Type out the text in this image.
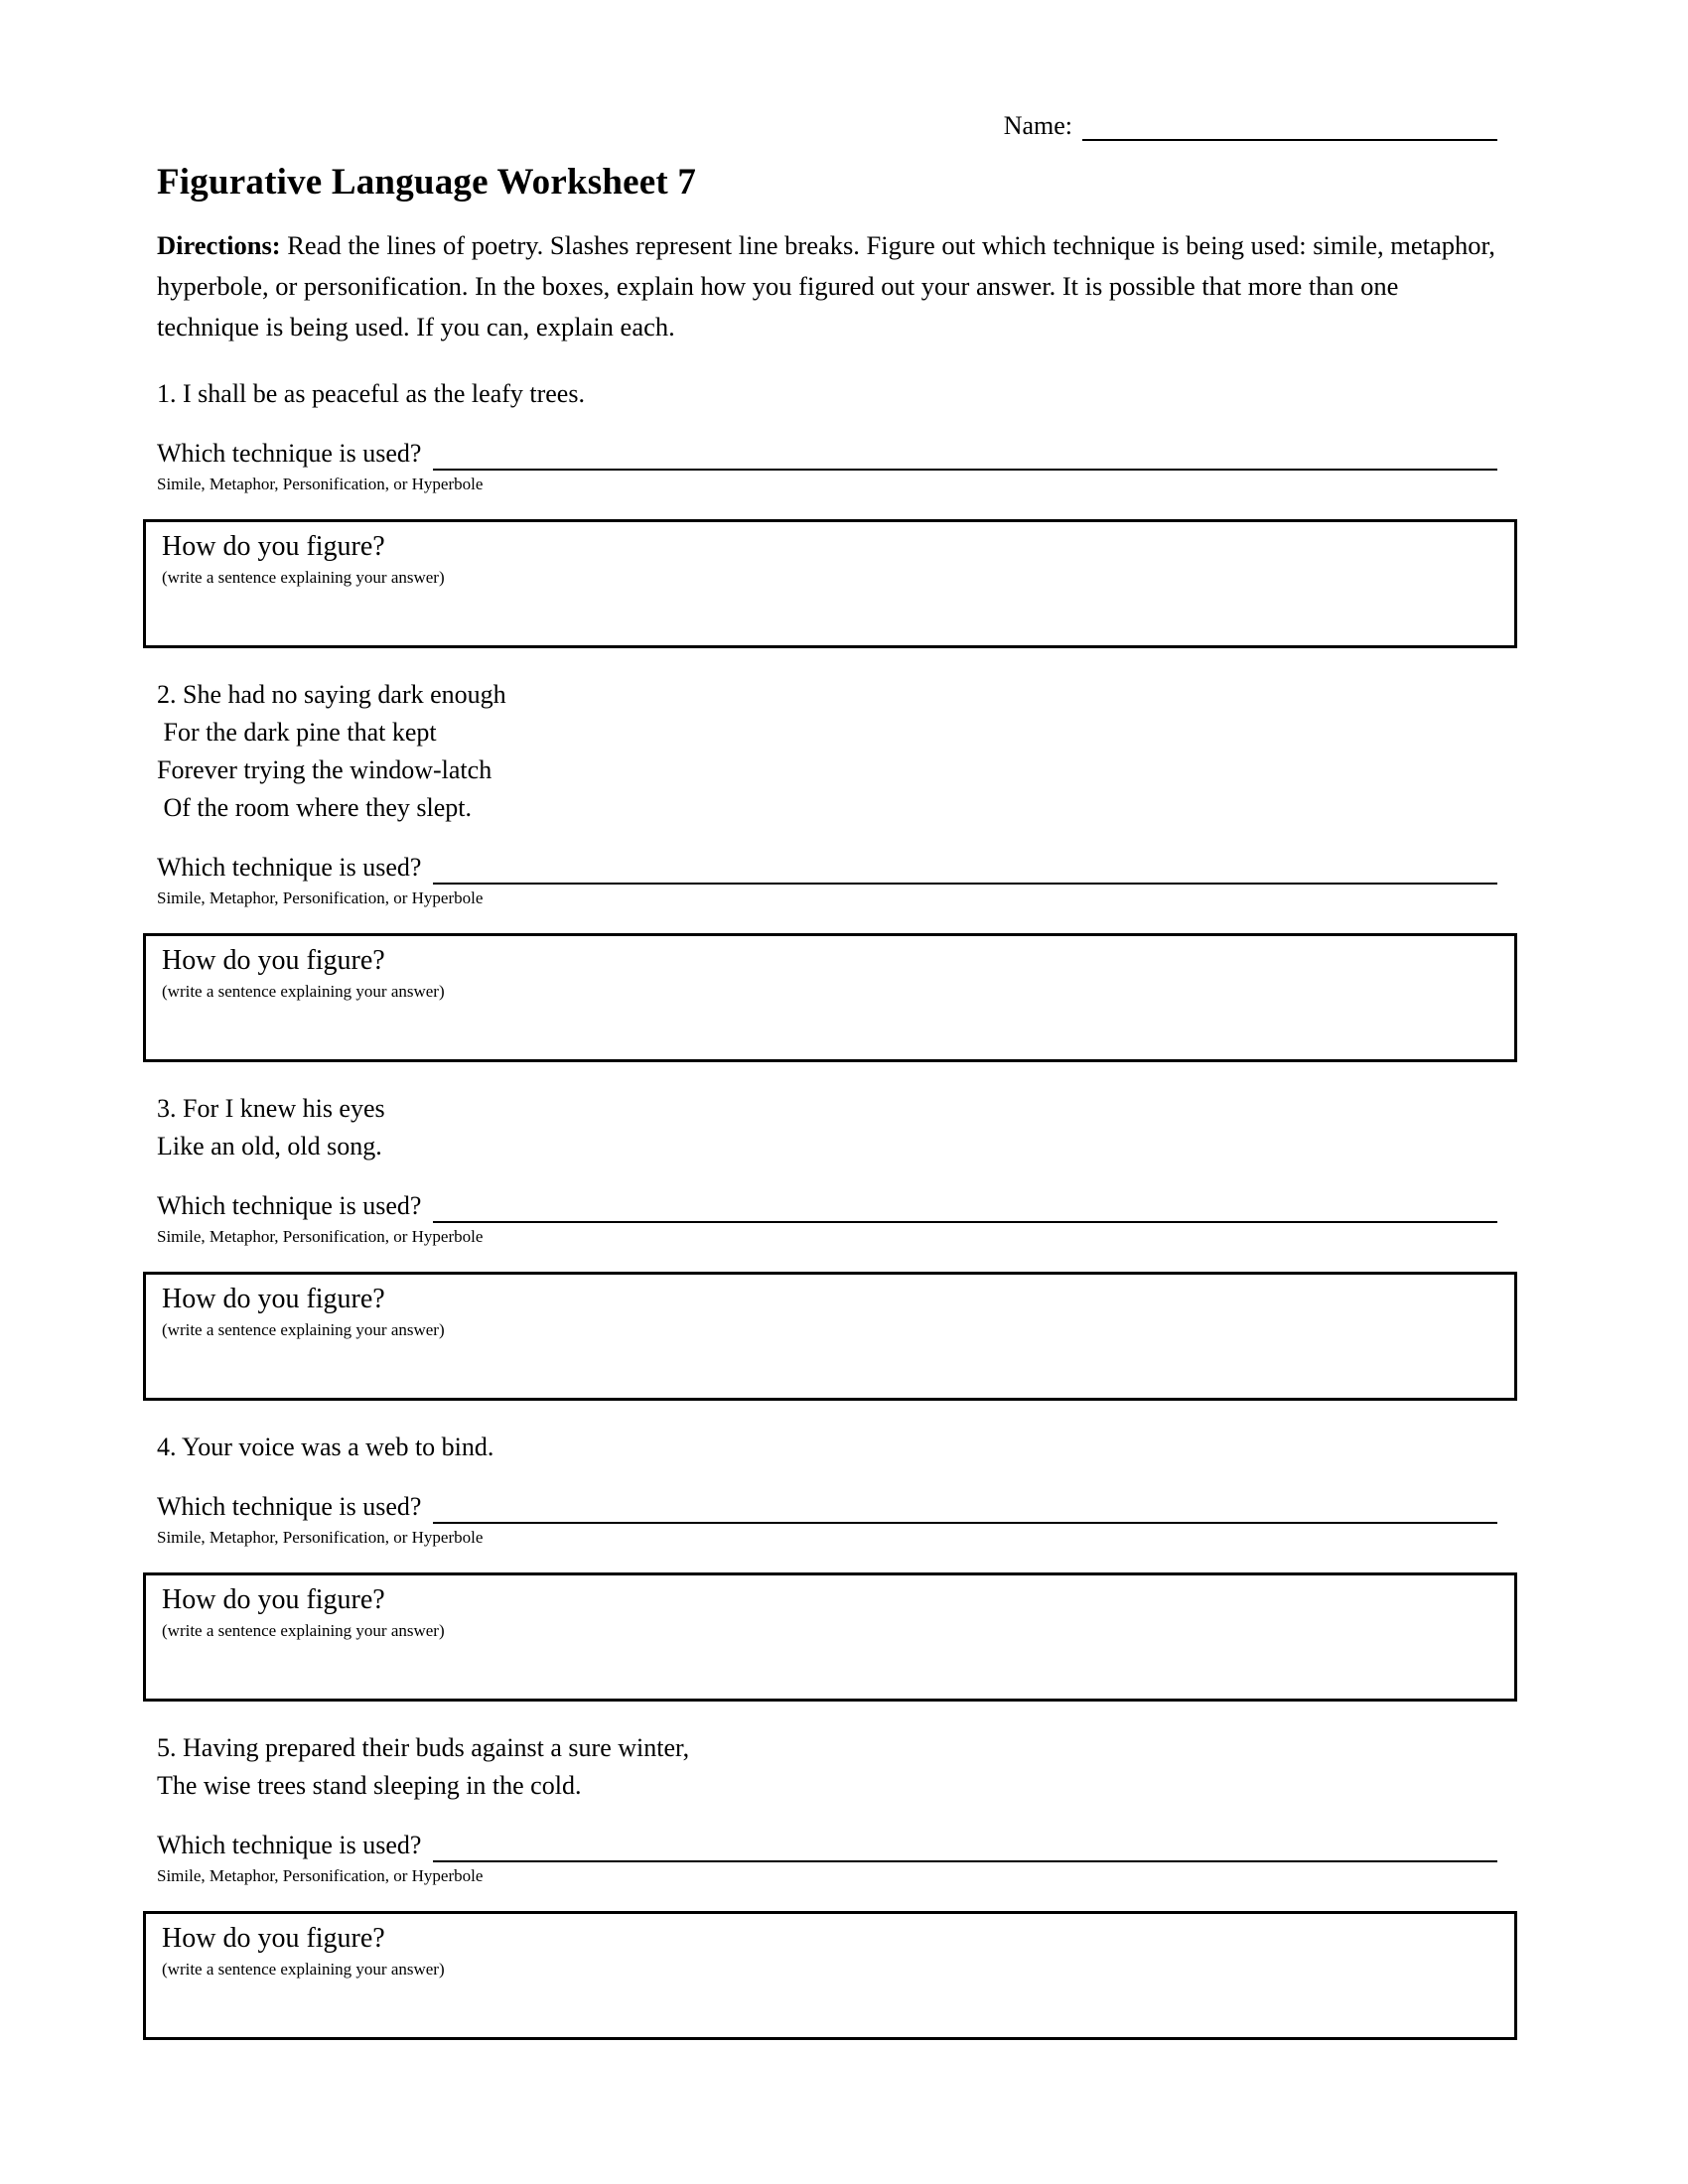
Name:
Figurative Language Worksheet 7

Directions: Read the lines of poetry. Slashes represent line breaks. Figure out which technique is being used: simile, metaphor, hyperbole, or personification. In the boxes, explain how you figured out your answer. It is possible that more than one technique is being used. If you can, explain each.

1. I shall be as peaceful as the leafy trees.
Which technique is used?
Simile, Metaphor, Personification, or Hyperbole
How do you figure?
(write a sentence explaining your answer)
2. She had no saying dark enough
For the dark pine that kept
Forever trying the window-latch
Of the room where they slept.
Which technique is used?
Simile, Metaphor, Personification, or Hyperbole
How do you figure?
(write a sentence explaining your answer)
3. For I knew his eyes
Like an old, old song.
Which technique is used?
Simile, Metaphor, Personification, or Hyperbole
How do you figure?
(write a sentence explaining your answer)
4. Your voice was a web to bind.
Which technique is used?
Simile, Metaphor, Personification, or Hyperbole
How do you figure?
(write a sentence explaining your answer)
5. Having prepared their buds against a sure winter,
The wise trees stand sleeping in the cold.
Which technique is used?
Simile, Metaphor, Personification, or Hyperbole
How do you figure?
(write a sentence explaining your answer)
